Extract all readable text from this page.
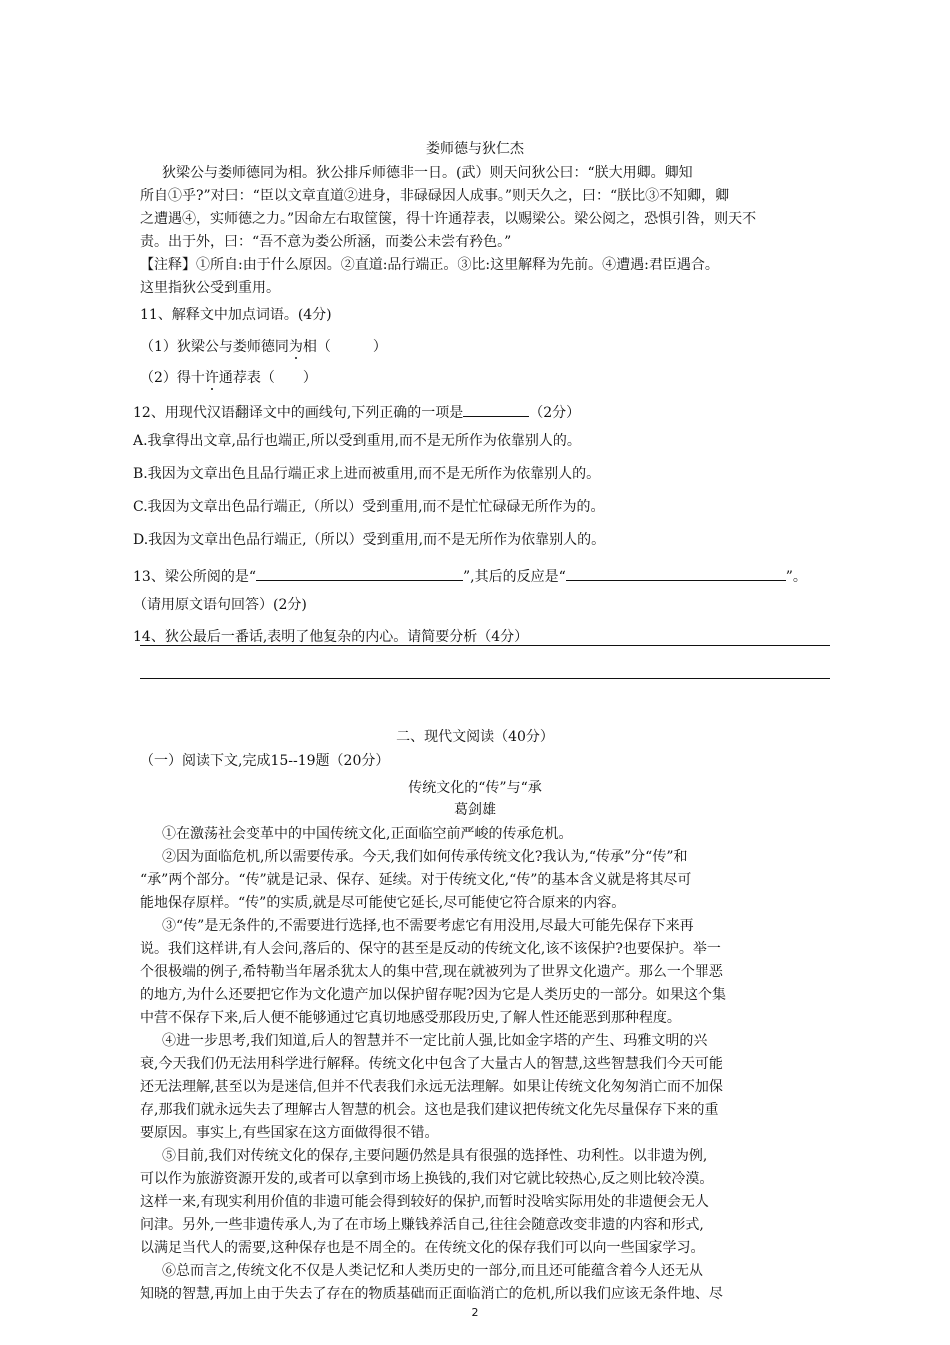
娄师德与狄仁杰
狄梁公与娄师德同为相。狄公排斥师德非一日。(武）则天问狄公曰：“朕大用卿。卿知
所自①乎?”对曰：“臣以文章直道②进身，非碌碌因人成事。”则天久之，曰：“朕比③不知卿，卿
之遭遇④，实师德之力。”因命左右取筐箧，得十许通荐表，以赐梁公。梁公阅之，恐惧引咎，则天不
责。出于外，曰：“吾不意为娄公所涵，而娄公未尝有矜色。”
【注释】①所自:由于什么原因。②直道:品行端正。③比:这里解释为先前。④遭遇:君臣遇合。
这里指狄公受到重用。
11、解释文中加点词语。(4分)
（1）狄梁公与娄师德同为相（　　　）
（2）得十许通荐表（　　）
12、用现代汉语翻译文中的画线句,下列正确的一项是	（2分）
A.我拿得出文章,品行也端正,所以受到重用,而不是无所作为依靠别人的。
B.我因为文章出色且品行端正求上进而被重用,而不是无所作为依靠别人的。
C.我因为文章出色品行端正,（所以）受到重用,而不是忙忙碌碌无所作为的。
D.我因为文章出色品行端正,（所以）受到重用,而不是无所作为依靠别人的。
13、梁公所阅的是“	”,其后的反应是“	”。
（请用原文语句回答）(2分)
14、狄公最后一番话,表明了他复杂的内心。请简要分析（4分）
二、现代文阅读（40分）
（一）阅读下文,完成15--19题（20分）
传统文化的“传”与“承
葛剑雄
①在激荡社会变革中的中国传统文化,正面临空前严峻的传承危机。
②因为面临危机,所以需要传承。今天,我们如何传承传统文化?我认为,“传承”分“传”和
“承”两个部分。“传”就是记录、保存、延续。对于传统文化,“传”的基本含义就是将其尽可
能地保存原样。“传”的实质,就是尽可能使它延长,尽可能使它符合原来的内容。
③“传”是无条件的,不需要进行选择,也不需要考虑它有用没用,尽最大可能先保存下来再
说。我们这样讲,有人会问,落后的、保守的甚至是反动的传统文化,该不该保护?也要保护。举一
个很极端的例子,希特勒当年屠杀犹太人的集中营,现在就被列为了世界文化遗产。那么一个罪恶
的地方,为什么还要把它作为文化遗产加以保护留存呢?因为它是人类历史的一部分。如果这个集
中营不保存下来,后人便不能够通过它真切地感受那段历史,了解人性还能恶到那种程度。
④进一步思考,我们知道,后人的智慧并不一定比前人强,比如金字塔的产生、玛雅文明的兴
衰,今天我们仍无法用科学进行解释。传统文化中包含了大量古人的智慧,这些智慧我们今天可能
还无法理解,甚至以为是迷信,但并不代表我们永远无法理解。如果让传统文化匆匆消亡而不加保
存,那我们就永远失去了理解古人智慧的机会。这也是我们建议把传统文化先尽量保存下来的重
要原因。事实上,有些国家在这方面做得很不错。
⑤目前,我们对传统文化的保存,主要问题仍然是具有很强的选择性、功利性。以非遗为例,
可以作为旅游资源开发的,或者可以拿到市场上换钱的,我们对它就比较热心,反之则比较冷漠。
这样一来,有现实利用价值的非遗可能会得到较好的保护,而暂时没啥实际用处的非遗便会无人
问津。另外,一些非遗传承人,为了在市场上赚钱养活自己,往往会随意改变非遗的内容和形式,
以满足当代人的需要,这种保存也是不周全的。在传统文化的保存我们可以向一些国家学习。
⑥总而言之,传统文化不仅是人类记忆和人类历史的一部分,而且还可能蕴含着今人还无从
知晓的智慧,再加上由于失去了存在的物质基础而正面临消亡的危机,所以我们应该无条件地、尽
2
